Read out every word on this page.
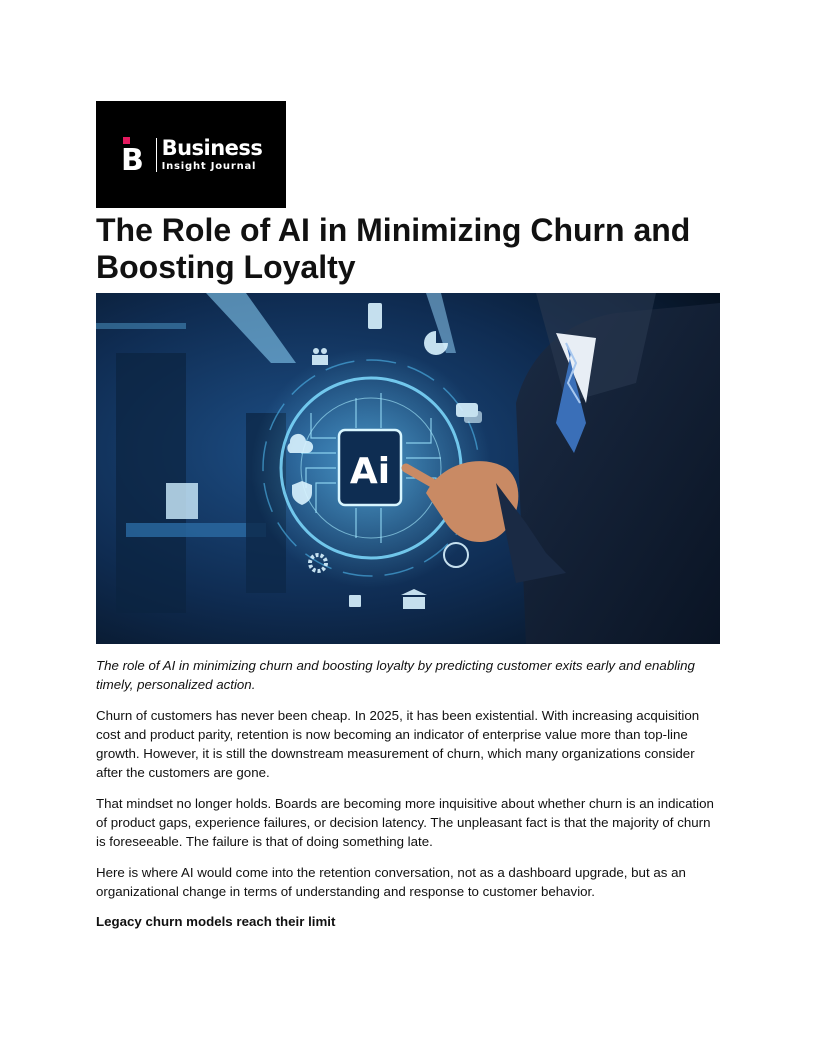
B Business
Insight Journal
The Role of AI in Minimizing Churn and Boosting Loyalty
Ai

The role of AI in minimizing churn and boosting loyalty by predicting customer exits early and enabling timely, personalized action.

Churn of customers has never been cheap. In 2025, it has been existential. With increasing acquisition cost and product parity, retention is now becoming an indicator of enterprise value more than top-line growth. However, it is still the downstream measurement of churn, which many organizations consider after the customers are gone.

That mindset no longer holds. Boards are becoming more inquisitive about whether churn is an indication of product gaps, experience failures, or decision latency. The unpleasant fact is that the majority of churn is foreseeable. The failure is that of doing something late.

Here is where AI would come into the retention conversation, not as a dashboard upgrade, but as an organizational change in terms of understanding and response to customer behavior.

Legacy churn models reach their limit
